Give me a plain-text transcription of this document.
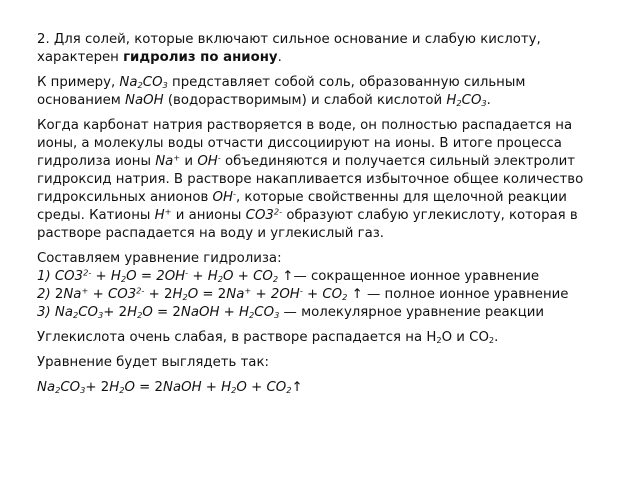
2. Для солей, которые включают сильное основание и слабую кислоту, характерен гидролиз по аниону.

К примеру, $Na_2CO_3$ представляет собой соль, образованную сильным основанием NaOH (водорастворимым) и слабой кислотой $H_2CO_3$.

Когда карбонат натрия растворяется в воде, он полностью распадается на ионы, а молекулы воды отчасти диссоциируют на ионы. В итоге процесса гидролиза ионы Na+ и OH- объединяются и получается сильный электролит гидроксид натрия. В растворе накапливается избыточное общее количество гидроксильных анионов OH-, которые свойственны для щелочной реакции среды. Катионы H+ и анионы $CO3^{2-}$ образуют слабую углекислоту, которая в растворе распадается на воду и углекислый газ.

Составляем уравнение гидролиза:
1) $CO3^{2-} + H_2O = 2OH^- + H_2O + CO_2$ ↑— сокращенное ионное уравнение
2) $2Na^+ + CO3^{2-} + 2H_2O = 2Na^+ + 2OH^- + CO_2$ ↑ — полное ионное уравнение
3) $Na_2CO_3+ 2H_2O$ = 2NaOH + $H_2CO_3$ — молекулярное уравнение реакции

Углекислота очень слабая, в растворе распадается на $H_2O$ и $CO_2$.

Уравнение будет выглядеть так:

$Na_2CO_3+ 2H_2O$ = 2NaOH + $H_2O$ + $CO_2↑$
